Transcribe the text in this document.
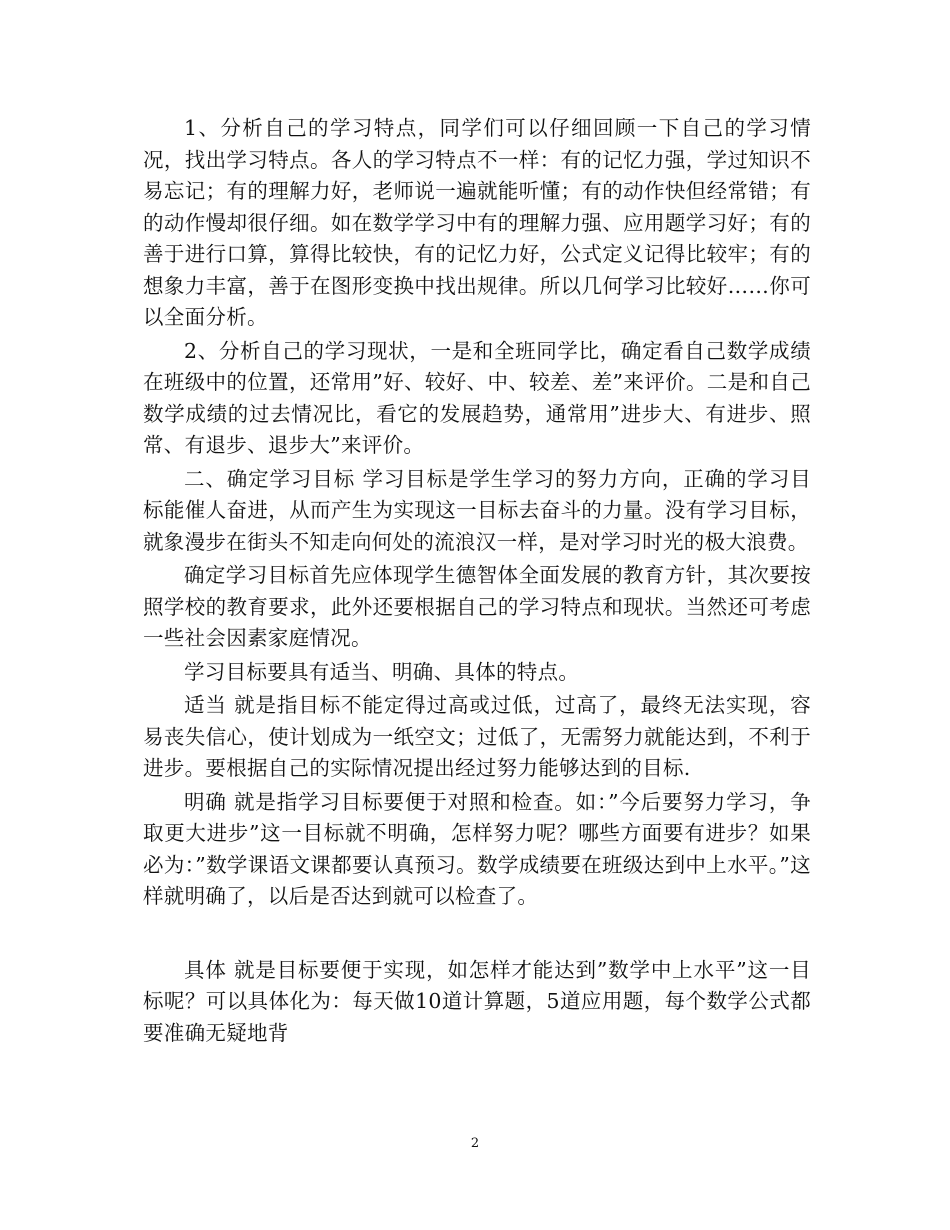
1、分析自己的学习特点，同学们可以仔细回顾一下自己的学习情况，找出学习特点。各人的学习特点不一样：有的记忆力强，学过知识不易忘记；有的理解力好，老师说一遍就能听懂；有的动作快但经常错；有的动作慢却很仔细。如在数学学习中有的理解力强、应用题学习好；有的善于进行口算，算得比较快，有的记忆力好，公式定义记得比较牢；有的想象力丰富，善于在图形变换中找出规律。所以几何学习比较好……你可以全面分析。

2、分析自己的学习现状，一是和全班同学比，确定看自己数学成绩在班级中的位置，还常用”好、较好、中、较差、差”来评价。二是和自己数学成绩的过去情况比，看它的发展趋势，通常用”进步大、有进步、照常、有退步、退步大”来评价。

二、确定学习目标 学习目标是学生学习的努力方向，正确的学习目标能催人奋进，从而产生为实现这一目标去奋斗的力量。没有学习目标，就象漫步在街头不知走向何处的流浪汉一样，是对学习时光的极大浪费。

确定学习目标首先应体现学生德智体全面发展的教育方针，其次要按照学校的教育要求，此外还要根据自己的学习特点和现状。当然还可考虑一些社会因素家庭情况。

学习目标要具有适当、明确、具体的特点。

适当 就是指目标不能定得过高或过低，过高了，最终无法实现，容易丧失信心，使计划成为一纸空文；过低了，无需努力就能达到，不利于进步。要根据自己的实际情况提出经过努力能够达到的目标.

明确 就是指学习目标要便于对照和检查。如：”今后要努力学习，争取更大进步”这一目标就不明确，怎样努力呢？哪些方面要有进步？如果必为：”数学课语文课都要认真预习。数学成绩要在班级达到中上水平。”这样就明确了，以后是否达到就可以检查了。

具体 就是目标要便于实现，如怎样才能达到”数学中上水平”这一目标呢？可以具体化为：每天做10道计算题，5道应用题，每个数学公式都要准确无疑地背

2
